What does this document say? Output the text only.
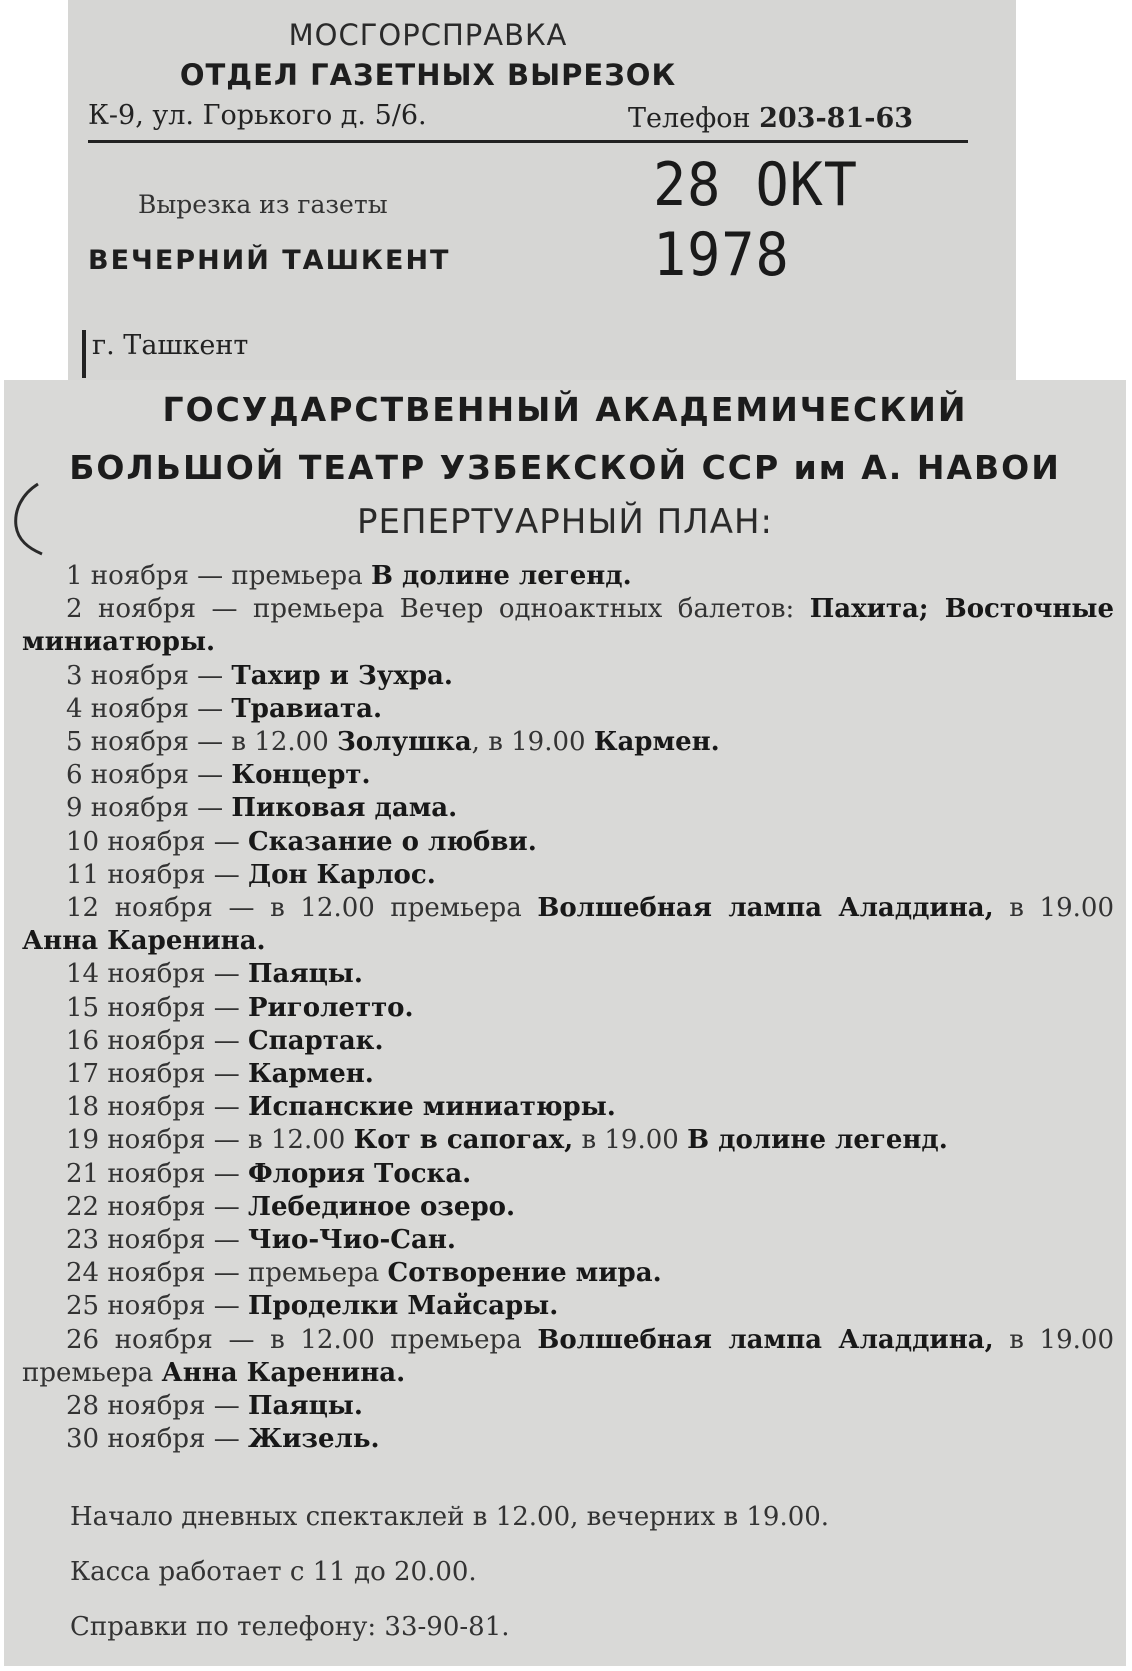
МОСГОРСПРАВКА
ОТДЕЛ ГАЗЕТНЫХ ВЫРЕЗОК
К-9, ул. Горького д. 5/6.	Телефон 203-81-63
28 ОКТ 1978
Вырезка из газеты
ВЕЧЕРНИЙ ТАШКЕНТ
г. Ташкент
ГОСУДАРСТВЕННЫЙ АКАДЕМИЧЕСКИЙ
БОЛЬШОЙ ТЕАТР УЗБЕКСКОЙ ССР им А. НАВОИ
РЕПЕРТУАРНЫЙ ПЛАН:
1 ноября — премьера В долине легенд.
2 ноября — премьера Вечер одноактных балетов: Пахита; Восточные миниатюры.
3 ноября — Тахир и Зухра.
4 ноября — Травиата.
5 ноября — в 12.00 Золушка, в 19.00 Кармен.
6 ноября — Концерт.
9 ноября — Пиковая дама.
10 ноября — Сказание о любви.
11 ноября — Дон Карлос.
12 ноября — в 12.00 премьера Волшебная лампа Аладдина, в 19.00 Анна Каренина.
14 ноября — Паяцы.
15 ноября — Риголетто.
16 ноября — Спартак.
17 ноября — Кармен.
18 ноября — Испанские миниатюры.
19 ноября — в 12.00 Кот в сапогах, в 19.00 В долине легенд.
21 ноября — Флория Тоска.
22 ноября — Лебединое озеро.
23 ноября — Чио-Чио-Сан.
24 ноября — премьера Сотворение мира.
25 ноября — Проделки Майсары.
26 ноября — в 12.00 премьера Волшебная лампа Аладдина, в 19.00 премьера Анна Каренина.
28 ноября — Паяцы.
30 ноября — Жизель.
Начало дневных спектаклей в 12.00, вечерних в 19.00.
Касса работает с 11 до 20.00.
Справки по телефону: 33-90-81.
